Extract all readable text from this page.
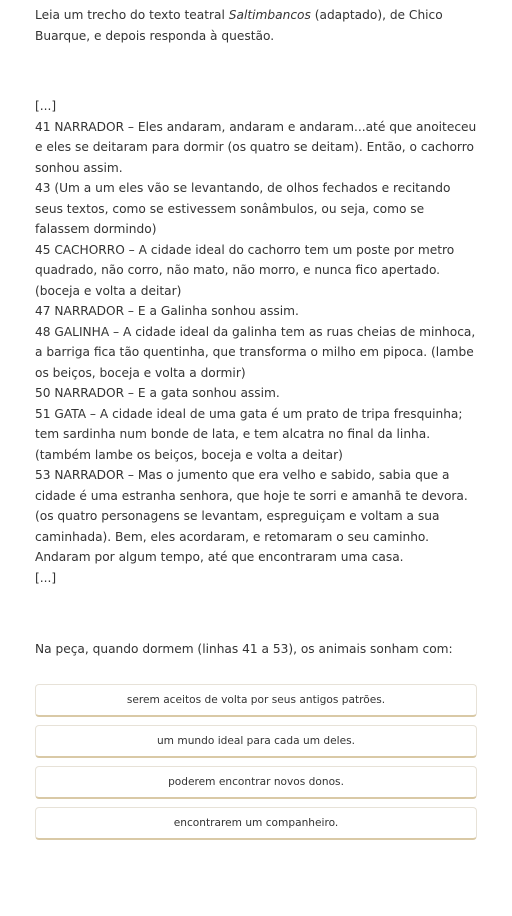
Leia um trecho do texto teatral Saltimbancos (adaptado), de Chico Buarque, e depois responda à questão.

[...]

41 NARRADOR – Eles andaram, andaram e andaram...até que anoiteceu e eles se deitaram para dormir (os quatro se deitam). Então, o cachorro sonhou assim.

43 (Um a um eles vão se levantando, de olhos fechados e recitando seus textos, como se estivessem sonâmbulos, ou seja, como se falassem dormindo)

45 CACHORRO – A cidade ideal do cachorro tem um poste por metro quadrado, não corro, não mato, não morro, e nunca fico apertado. (boceja e volta a deitar)

47 NARRADOR – E a Galinha sonhou assim.

48 GALINHA – A cidade ideal da galinha tem as ruas cheias de minhoca, a barriga fica tão quentinha, que transforma o milho em pipoca. (lambe os beiços, boceja e volta a dormir)

50 NARRADOR – E a gata sonhou assim.

51 GATA – A cidade ideal de uma gata é um prato de tripa fresquinha; tem sardinha num bonde de lata, e tem alcatra no final da linha. (também lambe os beiços, boceja e volta a deitar)

53 NARRADOR – Mas o jumento que era velho e sabido, sabia que a cidade é uma estranha senhora, que hoje te sorri e amanhã te devora. (os quatro personagens se levantam, espreguiçam e voltam a sua caminhada). Bem, eles acordaram, e retomaram o seu caminho. Andaram por algum tempo, até que encontraram uma casa.

[...]

Na peça, quando dormem (linhas 41 a 53), os animais sonham com:
serem aceitos de volta por seus antigos patrões.
um mundo ideal para cada um deles.
poderem encontrar novos donos.
encontrarem um companheiro.
